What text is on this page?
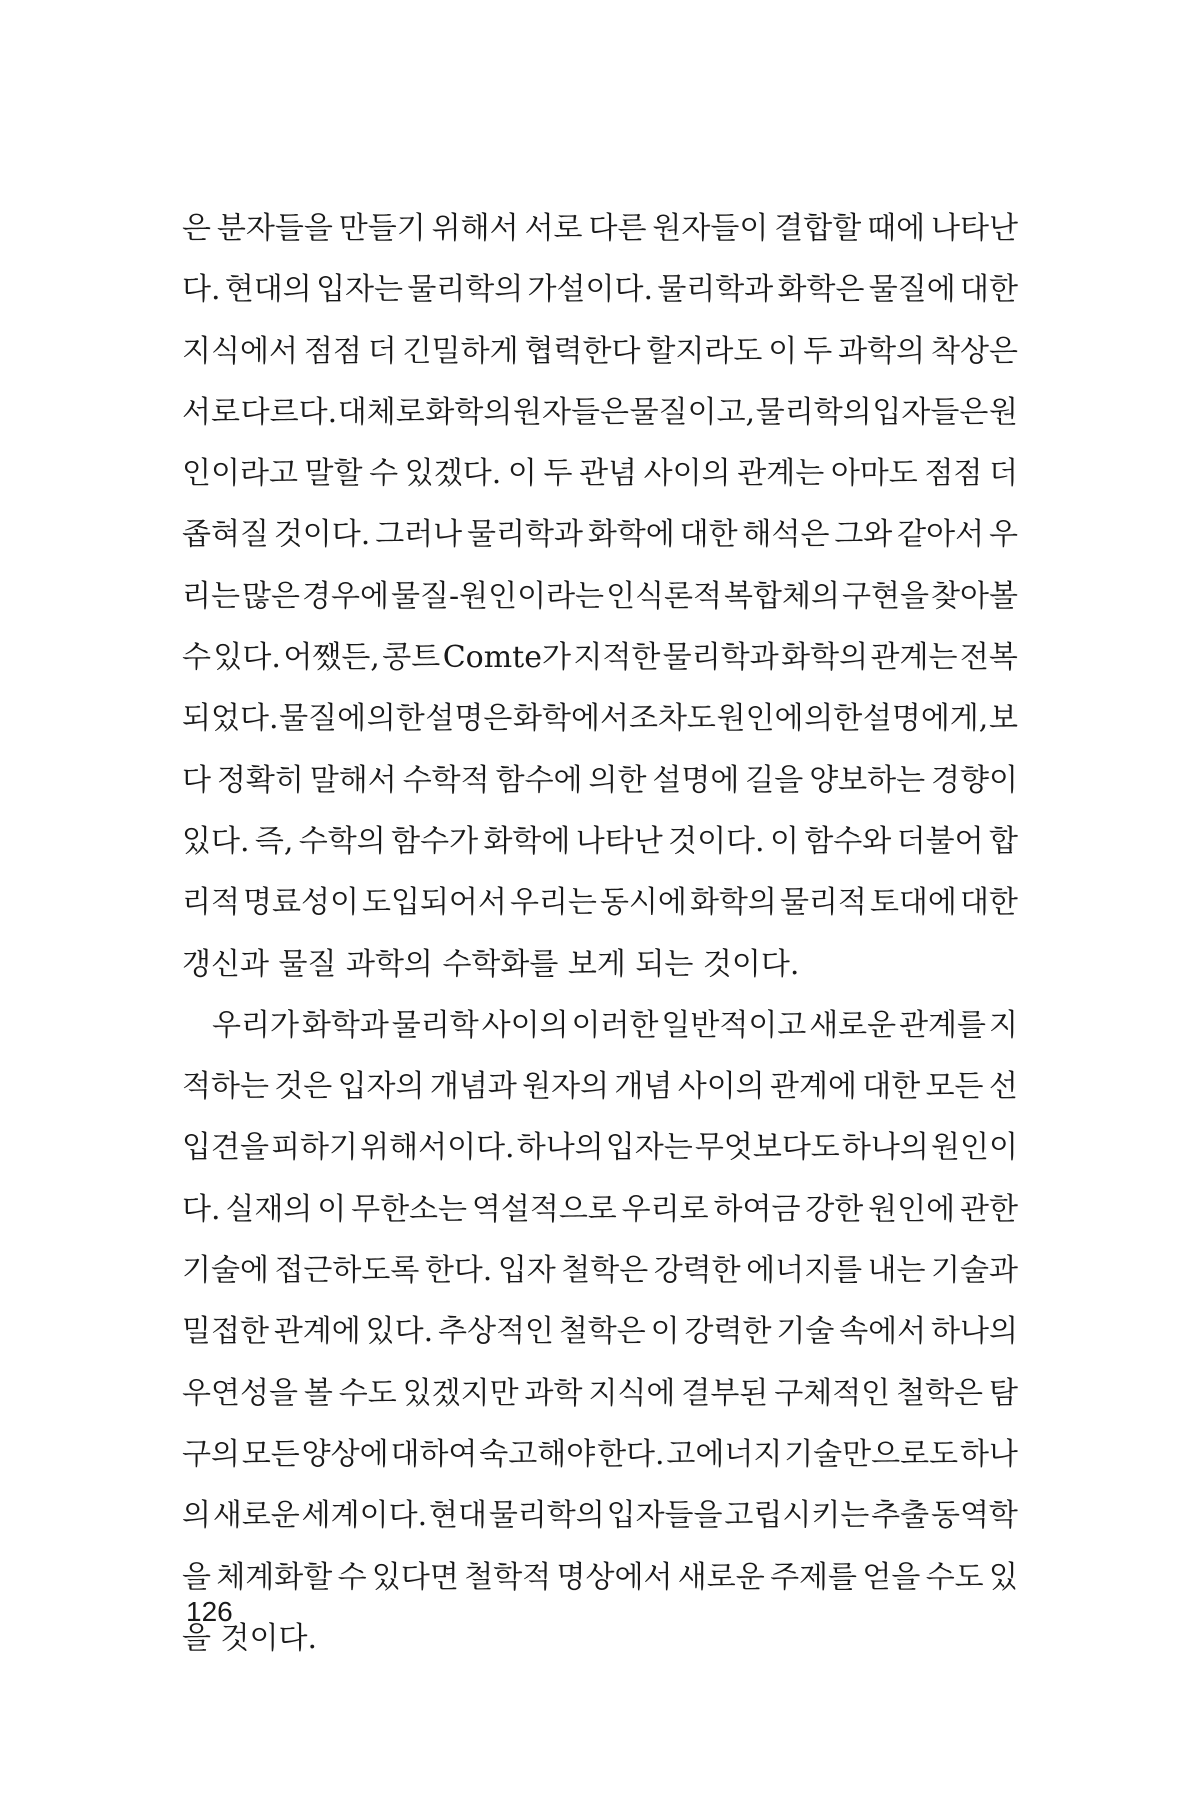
은 분자들을 만들기 위해서 서로 다른 원자들이 결합할 때에 나타난
다. 현대의 입자는 물리학의 가설이다. 물리학과 화학은 물질에 대한
지식에서 점점 더 긴밀하게 협력한다 할지라도 이 두 과학의 착상은
서로 다르다. 대체로 화학의 원자들은 물질이고, 물리학의 입자들은 원
인이라고 말할 수 있겠다. 이 두 관념 사이의 관계는 아마도 점점 더
좁혀질 것이다. 그러나 물리학과 화학에 대한 해석은 그와 같아서 우
리는 많은 경우에 물질-원인이라는 인식론적 복합체의 구현을 찾아볼
수 있다. 어쨌든, 콩트 Comte가 지적한 물리학과 화학의 관계는 전복
되었다. 물질에 의한 설명은 화학에서조차도 원인에 의한 설명에게, 보
다 정확히 말해서 수학적 함수에 의한 설명에 길을 양보하는 경향이
있다. 즉, 수학의 함수가 화학에 나타난 것이다. 이 함수와 더불어 합
리적 명료성이 도입되어서 우리는 동시에 화학의 물리적 토대에 대한
갱신과 물질 과학의 수학화를 보게 되는 것이다.
우리가 화학과 물리학 사이의 이러한 일반적이고 새로운 관계를 지
적하는 것은 입자의 개념과 원자의 개념 사이의 관계에 대한 모든 선
입견을 피하기 위해서이다. 하나의 입자는 무엇보다도 하나의 원인이
다. 실재의 이 무한소는 역설적으로 우리로 하여금 강한 원인에 관한
기술에 접근하도록 한다. 입자 철학은 강력한 에너지를 내는 기술과
밀접한 관계에 있다. 추상적인 철학은 이 강력한 기술 속에서 하나의
우연성을 볼 수도 있겠지만 과학 지식에 결부된 구체적인 철학은 탐
구의 모든 양상에 대하여 숙고해야 한다. 고에너지 기술만으로도 하나
의 새로운 세계이다. 현대 물리학의 입자들을 고립시키는 추출 동역학
을 체계화할 수 있다면 철학적 명상에서 새로운 주제를 얻을 수도 있
을 것이다.
126
